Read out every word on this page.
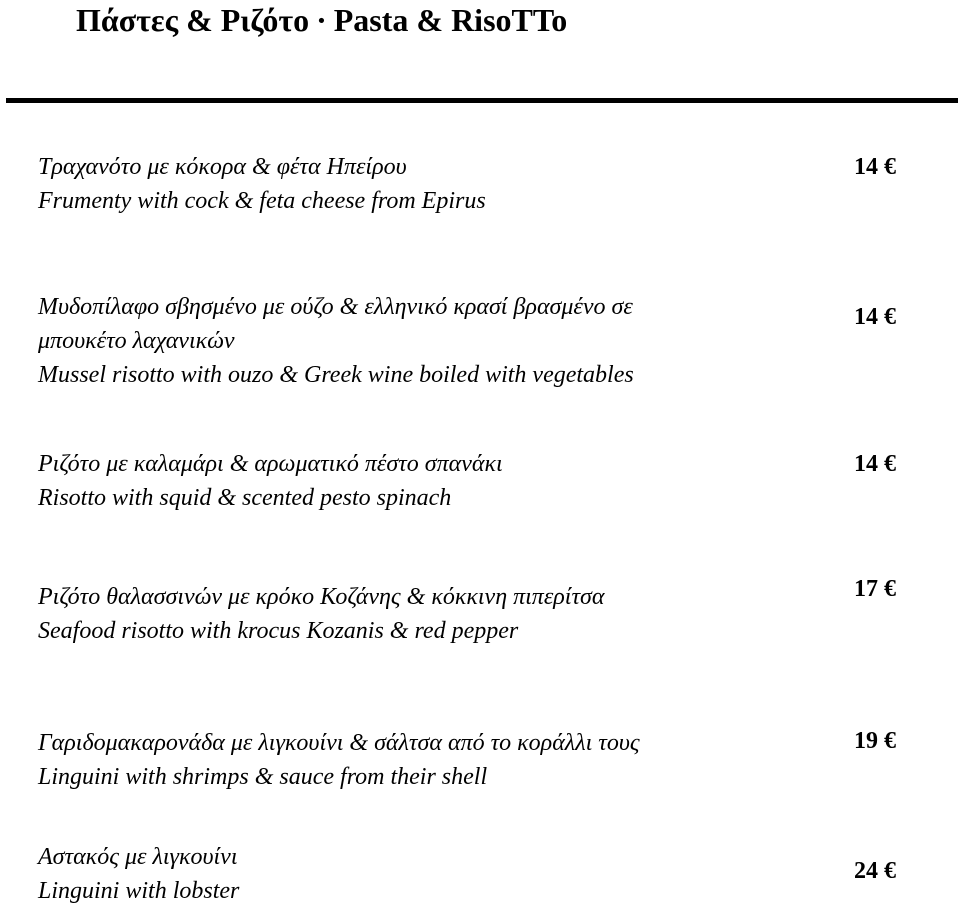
Πάστες & Ριζότο · Pasta & RisoTTo
Τραχανότο με κόκορα & φέτα Ηπείρου
Frumenty with cock & feta cheese from Epirus
14 €
Μυδοπίλαφο σβησμένο με ούζο & ελληνικό κρασί βρασμένο σε
μπουκέτο λαχανικών
Mussel risotto with ouzo & Greek wine boiled with vegetables
14 €
Ριζότο με καλαμάρι & αρωματικό πέστο σπανάκι
Risotto with squid & scented pesto spinach
14 €
Ριζότο θαλασσινών με κρόκο Κοζάνης & κόκκινη πιπερίτσα
Seafood risotto with krocus Kozanis & red pepper
17 €
Γαριδομακαρονάδα με λιγκουίνι & σάλτσα από το κοράλλι τους
Linguini with shrimps & sauce from their shell
19 €
Αστακός με λιγκουίνι
Linguini with lobster
24 €
